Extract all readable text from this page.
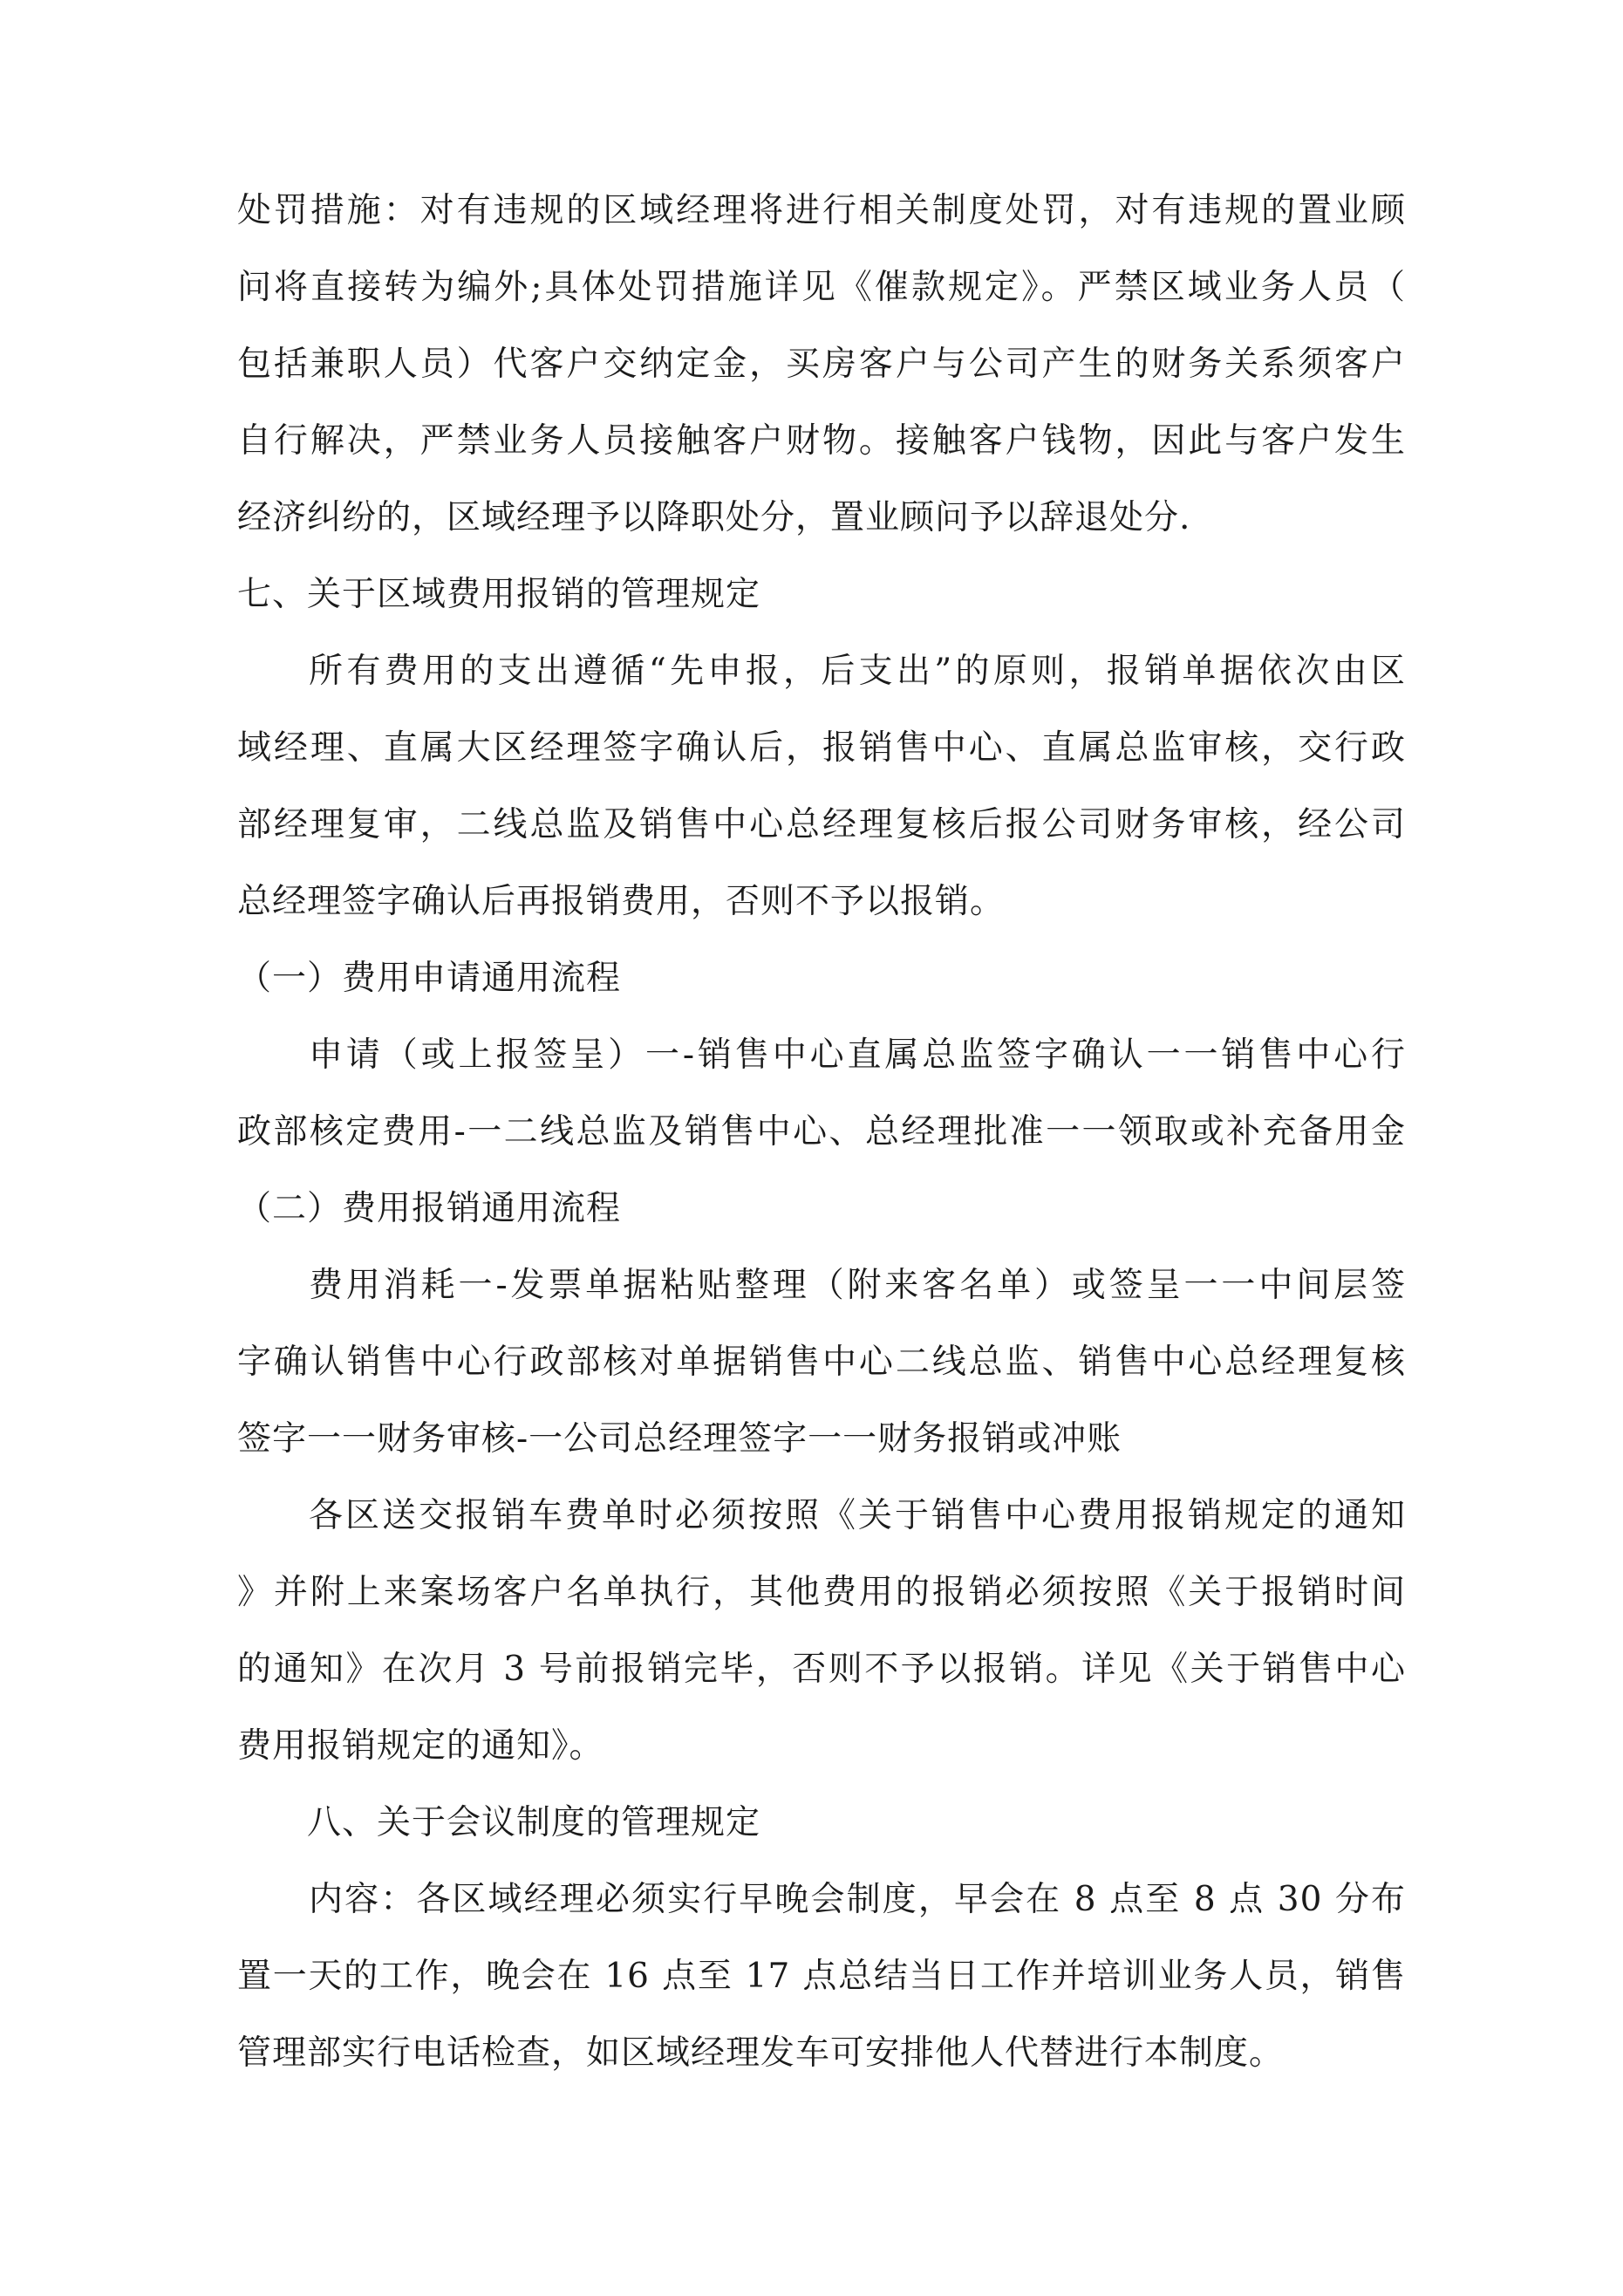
处罚措施：对有违规的区域经理将进行相关制度处罚，对有违规的置业顾
问将直接转为编外;具体处罚措施详见《催款规定》。严禁区域业务人员（
包括兼职人员）代客户交纳定金，买房客户与公司产生的财务关系须客户
自行解决，严禁业务人员接触客户财物。接触客户钱物，因此与客户发生
经济纠纷的，区域经理予以降职处分，置业顾问予以辞退处分.
七、关于区域费用报销的管理规定
所有费用的支出遵循“先申报，后支出”的原则，报销单据依次由区
域经理、直属大区经理签字确认后，报销售中心、直属总监审核，交行政
部经理复审，二线总监及销售中心总经理复核后报公司财务审核，经公司
总经理签字确认后再报销费用，否则不予以报销。
（一）费用申请通用流程
申请（或上报签呈）一-销售中心直属总监签字确认一一销售中心行
政部核定费用-一二线总监及销售中心、总经理批准一一领取或补充备用金
（二）费用报销通用流程
费用消耗一-发票单据粘贴整理（附来客名单）或签呈一一中间层签
字确认销售中心行政部核对单据销售中心二线总监、销售中心总经理复核
签字一一财务审核-一公司总经理签字一一财务报销或冲账
各区送交报销车费单时必须按照《关于销售中心费用报销规定的通知
》并附上来案场客户名单执行，其他费用的报销必须按照《关于报销时间
的通知》在次月 3 号前报销完毕，否则不予以报销。详见《关于销售中心
费用报销规定的通知》。
八、关于会议制度的管理规定
内容：各区域经理必须实行早晚会制度，早会在 8 点至 8 点 30 分布
置一天的工作，晚会在 16 点至 17 点总结当日工作并培训业务人员，销售
管理部实行电话检查，如区域经理发车可安排他人代替进行本制度。
